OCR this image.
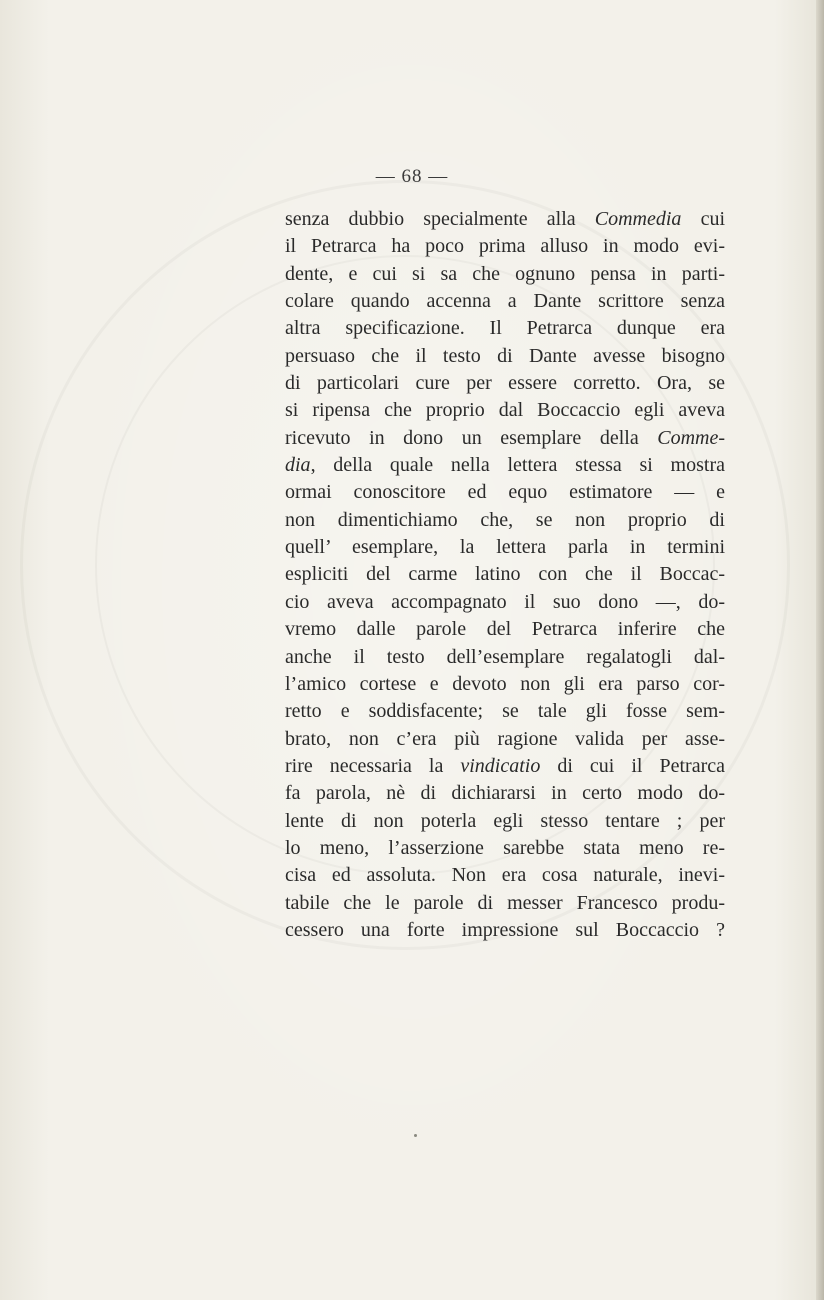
— 68 —
senza dubbio specialmente alla Commedia cui
il Petrarca ha poco prima alluso in modo evi-
dente, e cui si sa che ognuno pensa in parti-
colare quando accenna a Dante scrittore senza
altra specificazione. Il Petrarca dunque era
persuaso che il testo di Dante avesse bisogno
di particolari cure per essere corretto. Ora, se
si ripensa che proprio dal Boccaccio egli aveva
ricevuto in dono un esemplare della Comme-
dia, della quale nella lettera stessa si mostra
ormai conoscitore ed equo estimatore — e
non dimentichiamo che, se non proprio di
quell’ esemplare, la lettera parla in termini
espliciti del carme latino con che il Boccac-
cio aveva accompagnato il suo dono —, do-
vremo dalle parole del Petrarca inferire che
anche il testo dell’esemplare regalatogli dal-
l’amico cortese e devoto non gli era parso cor-
retto e soddisfacente; se tale gli fosse sem-
brato, non c’era più ragione valida per asse-
rire necessaria la vindicatio di cui il Petrarca
fa parola, nè di dichiararsi in certo modo do-
lente di non poterla egli stesso tentare ; per
lo meno, l’asserzione sarebbe stata meno re-
cisa ed assoluta. Non era cosa naturale, inevi-
tabile che le parole di messer Francesco produ-
cessero una forte impressione sul Boccaccio ?
